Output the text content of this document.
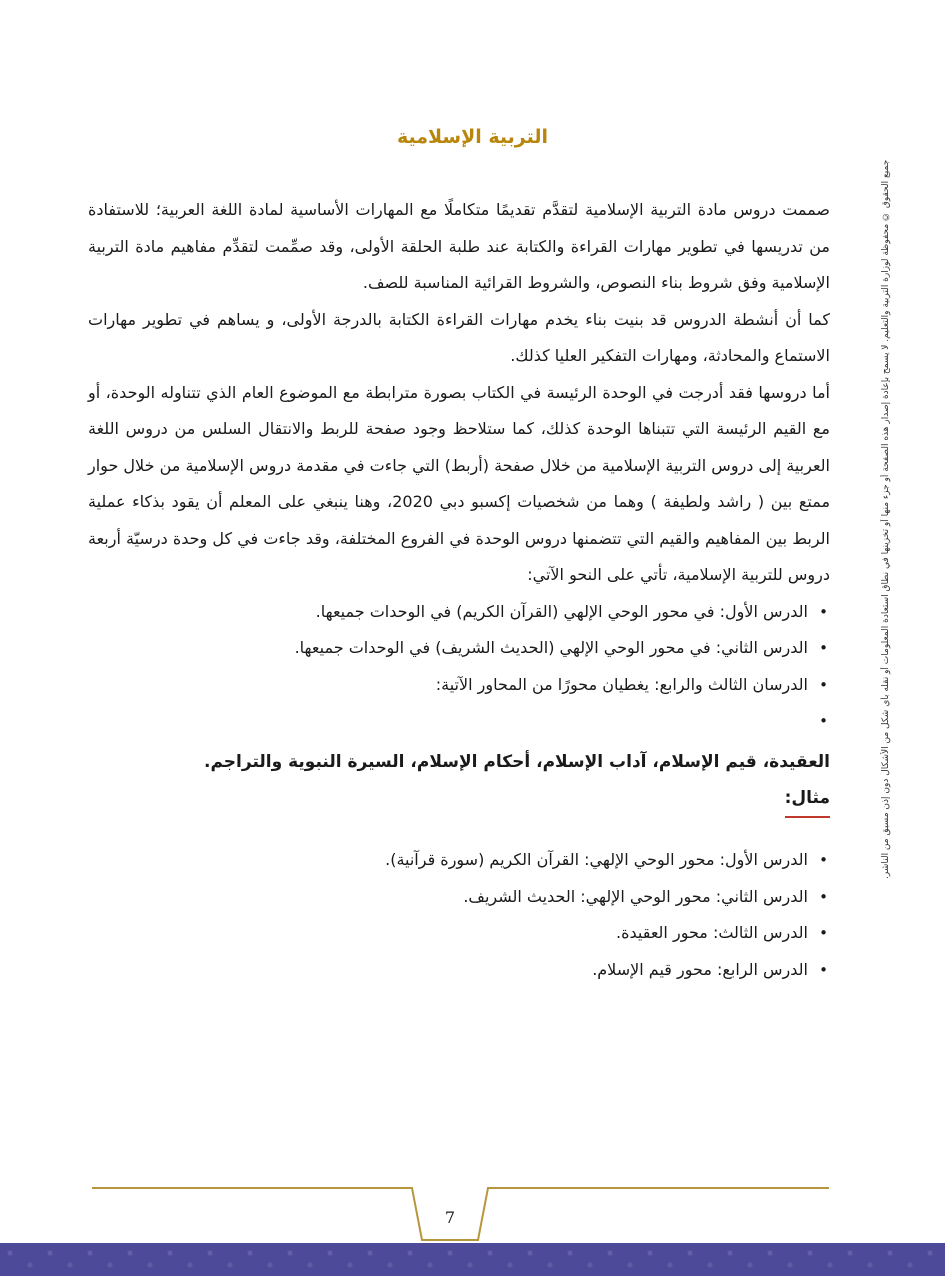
التربية الإسلامية

صممت دروس مادة التربية الإسلامية لتقدَّم تقديمًا متكاملًا مع المهارات الأساسية لمادة اللغة العربية؛ للاستفادة من تدريسها في تطوير مهارات القراءة والكتابة عند طلبة الحلقة الأولى، وقد صمِّمت لتقدِّم مفاهيم مادة التربية الإسلامية وفق شروط بناء النصوص، والشروط القرائية المناسبة للصف.

كما أن أنشطة الدروس قد بنيت بناء يخدم مهارات القراءة الكتابة بالدرجة الأولى، و يساهم في تطوير مهارات الاستماع والمحادثة، ومهارات التفكير العليا كذلك.

أما دروسها فقد أدرجت في الوحدة الرئيسة في الكتاب بصورة مترابطة مع الموضوع العام الذي تتناوله الوحدة، أو مع القيم الرئيسة التي تتبناها الوحدة كذلك، كما ستلاحظ وجود صفحة للربط والانتقال السلس من دروس اللغة العربية إلى دروس التربية الإسلامية من خلال صفحة (أربط) التي جاءت في مقدمة دروس الإسلامية من خلال حوار ممتع بين ( راشد ولطيفة ) وهما من شخصيات إكسبو دبي 2020، وهنا ينبغي على المعلم أن يقود بذكاء عملية الربط بين المفاهيم والقيم التي تتضمنها دروس الوحدة في الفروع المختلفة، وقد جاءت في كل وحدة درسيّة أربعة دروس للتربية الإسلامية، تأتي على النحو الآتي:

• الدرس الأول: في محور الوحي الإلهي (القرآن الكريم) في الوحدات جميعها.
• الدرس الثاني: في محور الوحي الإلهي (الحديث الشريف) في الوحدات جميعها.
• الدرسان الثالث والرابع: يغطيان محورًا من المحاور الآتية:
•

العقيدة، قيم الإسلام، آداب الإسلام، أحكام الإسلام، السيرة النبوية والتراجم.

مثال:
• الدرس الأول: محور الوحي الإلهي: القرآن الكريم (سورة قرآنية).
• الدرس الثاني: محور الوحي الإلهي: الحديث الشريف.
• الدرس الثالث: محور العقيدة.
• الدرس الرابع: محور قيم الإسلام.
جميع الحقوق © محفوظة لوزارة التربية والتعليم. لا يسمح بإعادة إصدار هذه الصفحة أو جزء منها أو تخزينها في نطاق استعادة المعلومات أو نقله بأي شكل من الأشكال دون إذن مسبق من الناشر.
7
